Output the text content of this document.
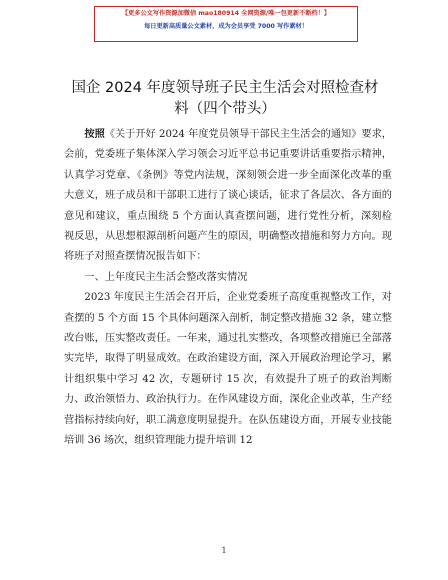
【更多公文写作资源加微信 mao180914 全网资源/唯一包更新不断档！】
每日更新高质量公文素材，成为会员享受 7000 写作素材！
国企 2024 年度领导班子民主生活会对照检查材料（四个带头）

按照《关于开好 2024 年度党员领导干部民主生活会的通知》要求，会前，党委班子集体深入学习领会习近平总书记重要讲话重要指示精神，认真学习党章、《条例》等党内法规，深刻领会进一步全面深化改革的重大意义，班子成员和干部职工进行了谈心谈话，征求了各层次、各方面的意见和建议，重点围绕 5 个方面认真查摆问题，进行党性分析，深刻检视反思，从思想根源剖析问题产生的原因，明确整改措施和努力方向。现将班子对照查摆情况报告如下：

一、上年度民主生活会整改落实情况

2023 年度民主生活会召开后，企业党委班子高度重视整改工作，对查摆的 5 个方面 15 个具体问题深入剖析，制定整改措施 32 条，建立整改台账，压实整改责任。一年来，通过扎实整改，各项整改措施已全部落实完毕，取得了明显成效。在政治建设方面，深入开展政治理论学习，累计组织集中学习 42 次，专题研讨 15 次，有效提升了班子的政治判断力、政治领悟力、政治执行力。在作风建设方面，深化企业改革，生产经营指标持续向好，职工满意度明显提升。在队伍建设方面，开展专业技能培训 36 场次，组织管理能力提升培训 12

1
